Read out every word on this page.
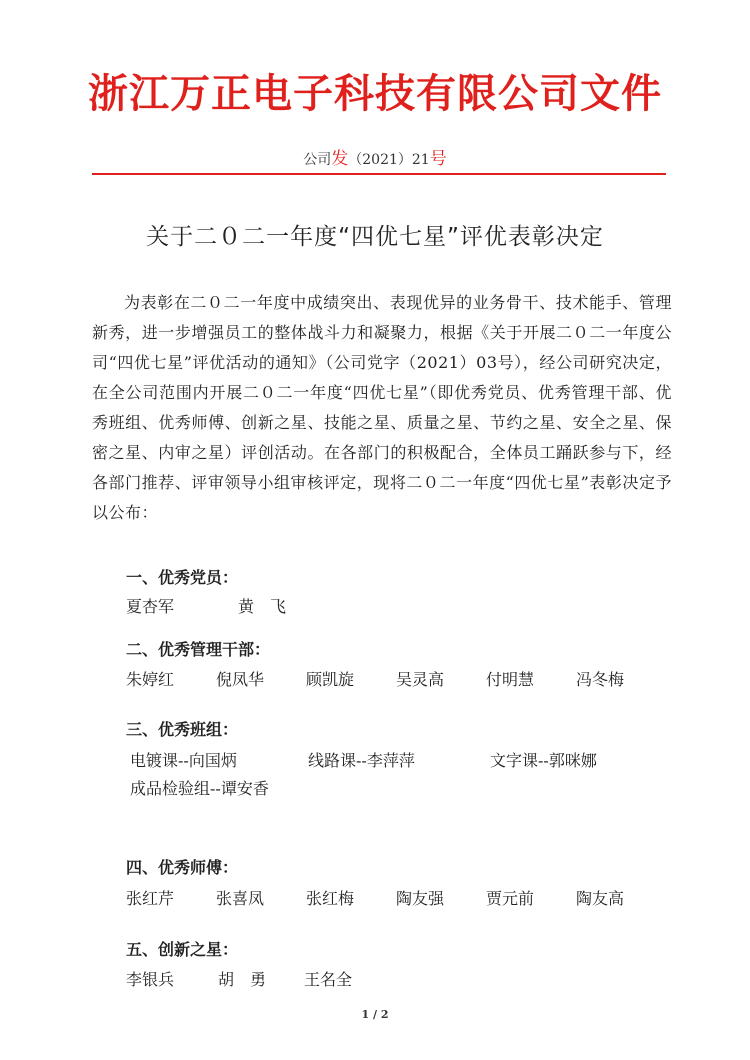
浙江万正电子科技有限公司文件
公司发（2021）21号
关于二０二一年度“四优七星”评优表彰决定
为表彰在二０二一年度中成绩突出、表现优异的业务骨干、技术能手、管理新秀，进一步增强员工的整体战斗力和凝聚力，根据《关于开展二０二一年度公司“四优七星”评优活动的通知》（公司党字（2021）03号），经公司研究决定，在全公司范围内开展二０二一年度“四优七星”（即优秀党员、优秀管理干部、优秀班组、优秀师傅、创新之星、技能之星、质量之星、节约之星、安全之星、保密之星、内审之星）评创活动。在各部门的积极配合，全体员工踊跃参与下，经各部门推荐、评审领导小组审核评定，现将二０二一年度“四优七星”表彰决定予以公布：
一、优秀党员：
夏杏军	黄　飞
二、优秀管理干部：
朱婷红	倪凤华	顾凯旋	吴灵高	付明慧	冯冬梅
三、优秀班组：
电镀课--向国炳	线路课--李萍萍	文字课--郭咪娜
成品检验组--谭安香
四、优秀师傅：
张红芹	张喜凤	张红梅	陶友强	贾元前	陶友高
五、创新之星：
李银兵	胡　勇 王名全
1 / 2
